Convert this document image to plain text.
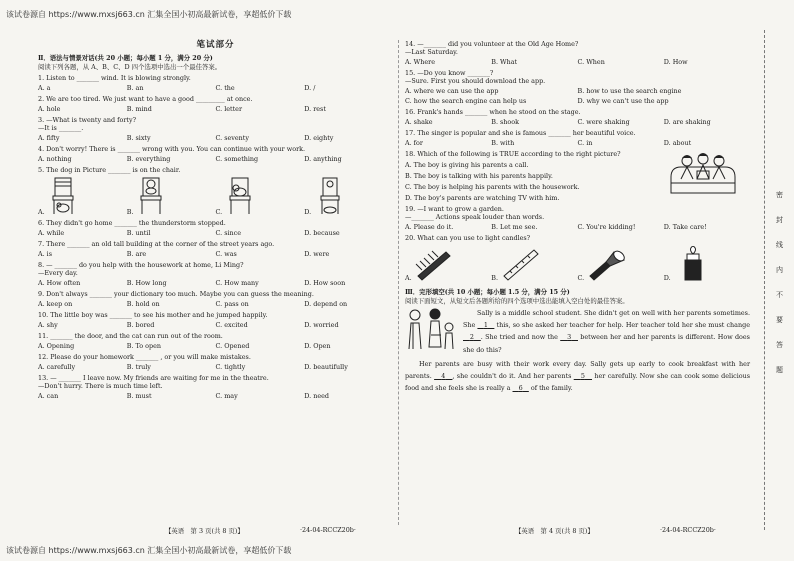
该试卷源自 https://www.mxsj663.cn 汇集全国小初高最新试卷，享超低价下载
该试卷源自 https://www.mxsj663.cn 汇集全国小初高最新试卷，享超低价下载
密
封
线
内
不
要
答
题
笔试部分
Ⅱ．语法与情景对话(共 20 小题；每小题 1 分，满分 20 分)
阅读下列各题，从 A、B、C、D 四个选项中选出一个最佳答案。
1. Listen to _______ wind. It is blowing strongly.
A. a	B. an	C. the	D. /
2. We are too tired. We just want to have a good _________ at once.
A. hole	B. mind	C. letter	D. rest
3. —What is twenty and forty?
—It is _______.
A. fifty	B. sixty	C. seventy	D. eighty
4. Don't worry! There is _______ wrong with you. You can continue with your work.
A. nothing	B. everything	C. something	D. anything
5. The dog in Picture _______ is on the chair.
A.	B.	C.	D.
6. They didn't go home _______ the thunderstorm stopped.
A. while	B. until	C. since	D. because
7. There _______ an old tall building at the corner of the street years ago.
A. is	B. are	C. was	D. were
8. — _______ do you help with the housework at home, Li Ming?
—Every day.
A. How often	B. How long	C. How many	D. How soon
9. Don't always _______ your dictionary too much. Maybe you can guess the meaning.
A. keep on	B. hold on	C. pass on	D. depend on
10. The little boy was _______ to see his mother and he jumped happily.
A. shy	B. bored	C. excited	D. worried
11. _______ the door, and the cat can run out of the room.
A. Opening	B. To open	C. Opened	D. Open
12. Please do your homework _______ , or you will make mistakes.
A. carefully	B. truly	C. tightly	D. beautifully
13. — _______ I leave now. My friends are waiting for me in the theatre.
—Don't hurry. There is much time left.
A. can	B. must	C. may	D. need
【英语　第 3 页(共 8 页)】	·24-04-RCCZ20b·
14. —_______ did you volunteer at the Old Age Home?
—Last Saturday.
A. Where	B. What	C. When	D. How
15. —Do you know _______?
—Sure. First you should download the app.
A. where we can use the app	B. how to use the search engine
C. how the search engine can help us	D. why we can't use the app
16. Frank's hands _______ when he stood on the stage.
A. shake	B. shook	C. were shaking	D. are shaking
17. The singer is popular and she is famous _______ her beautiful voice.
A. for	B. with	C. in	D. about
18. Which of the following is TRUE according to the right picture?
A. The boy is giving his parents a call.
B. The boy is talking with his parents happily.
C. The boy is helping his parents with the housework.
D. The boy's parents are watching TV with him.
19. —I want to grow a garden.
—_______ Actions speak louder than words.
A. Please do it.	B. Let me see.	C. You're kidding!	D. Take care!
20. What can you use to light candles?
A.	B.	C.	D.
Ⅲ．完形填空(共 10 小题；每小题 1.5 分，满分 15 分)
阅读下面短文，从短文后各题所给的四个选项中选出能填入空白处的最佳答案。
Sally is a middle school student. She didn't get on well with her parents sometimes. She    1    this, so she asked her teacher for help. Her teacher told her she must change    2 . She tried and now the    3    between her and her parents is different. How does she do this?
Her parents are busy with their work every day. Sally gets up early to cook breakfast with her parents.    4 , she couldn't do it. And her parents    5    her carefully. Now she can cook some delicious food and she feels she is really a    6    of the family.
【英语　第 4 页(共 8 页)】	·24-04-RCCZ20b·
